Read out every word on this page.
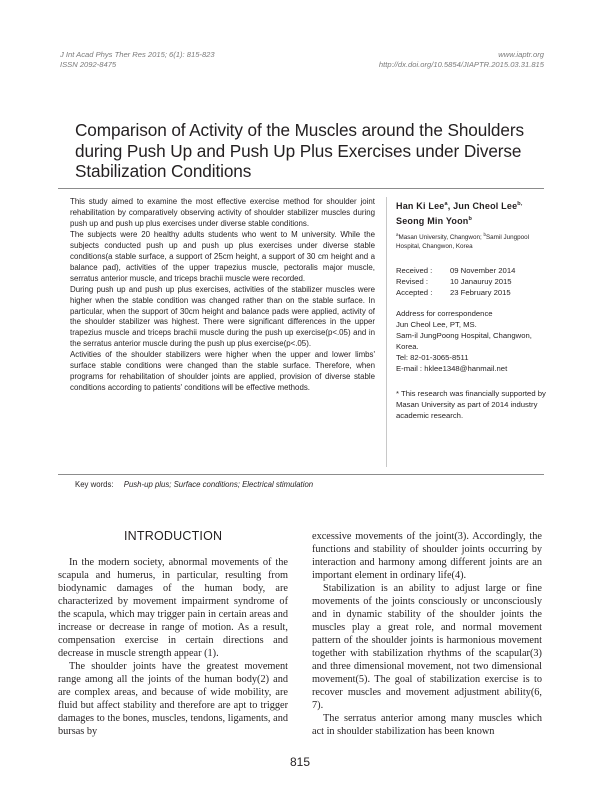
J Int Acad Phys Ther Res 2015; 6(1): 815-823
ISSN 2092-8475
www.iaptr.org
http://dx.doi.org/10.5854/JIAPTR.2015.03.31.815
Comparison of Activity of the Muscles around the Shoulders
during Push Up and Push Up Plus Exercises under Diverse
Stabilization Conditions

This study aimed to examine the most effective exercise method for shoulder joint rehabilitation by comparatively observing activity of shoulder stabilizer muscles during push up and push up plus exercises under diverse stable conditions.

The subjects were 20 healthy adults students who went to M university. While the subjects conducted push up and push up plus exercises under diverse stable conditions(a stable surface, a support of 25cm height, a support of 30 cm height and a balance pad), activities of the upper trapezius muscle, pectoralis major muscle, serratus anterior muscle, and triceps brachii muscle were recorded.

During push up and push up plus exercises, activities of the stabilizer muscles were higher when the stable condition was changed rather than on the stable surface. In particular, when the support of 30cm height and balance pads were applied, activity of the shoulder stabilizer was highest. There were significant differences in the upper trapezius muscle and triceps brachii muscle during the push up exercise(p<.05) and in the serratus anterior muscle during the push up plus exercise(p<.05).

Activities of the shoulder stabilizers were higher when the upper and lower limbs' surface stable conditions were changed than the stable surface. Therefore, when programs for rehabilitation of shoulder joints are applied, provision of diverse stable conditions according to patients' conditions will be effective methods.

Han Ki Lee$^a$, Jun Cheol Lee$^{b,}$
Seong Min Yoon$^b$
$^a$Masan University, Changwon; $^b$Samil Jungpool Hospital, Changwon, Korea
Received : 09 November 2014
Revised :	10 Janauruy 2015
Accepted : 23 February 2015
Address for correspondence
Jun Cheol Lee, PT, MS.
Sam-il JungPoong Hospital, Changwon,
Korea.
Tel: 82-01-3065-8511
E-mail : hklee1348@hanmail.net
* This research was financially supported by Masan University as part of 2014 industry academic research.
Key words: Push-up plus; Surface conditions; Electrical stimulation
INTRODUCTION

In the modern society, abnormal movements of the scapula and humerus, in particular, resulting from biodynamic damages of the human body, are characterized by movement impairment syndrome of the scapula, which may trigger pain in certain areas and increase or decrease in range of motion. As a result, compensation exercise in certain directions and decrease in muscle strength appear (1).

The shoulder joints have the greatest movement range among all the joints of the human body(2) and are complex areas, and because of wide mobility, are fluid but affect stability and therefore are apt to trigger damages to the bones, muscles, tendons, ligaments, and bursas by

excessive movements of the joint(3). Accordingly, the functions and stability of shoulder joints occurring by interaction and harmony among different joints are an important element in ordinary life(4).

Stabilization is an ability to adjust large or fine movements of the joints consciously or unconsciously and in dynamic stability of the shoulder joints the muscles play a great role, and normal movement pattern of the shoulder joints is harmonious movement together with stabilization rhythms of the scapular(3) and three dimensional movement, not two dimensional movement(5). The goal of stabilization exercise is to recover muscles and movement adjustment ability(6, 7).

The serratus anterior among many muscles which act in shoulder stabilization has been known

815
